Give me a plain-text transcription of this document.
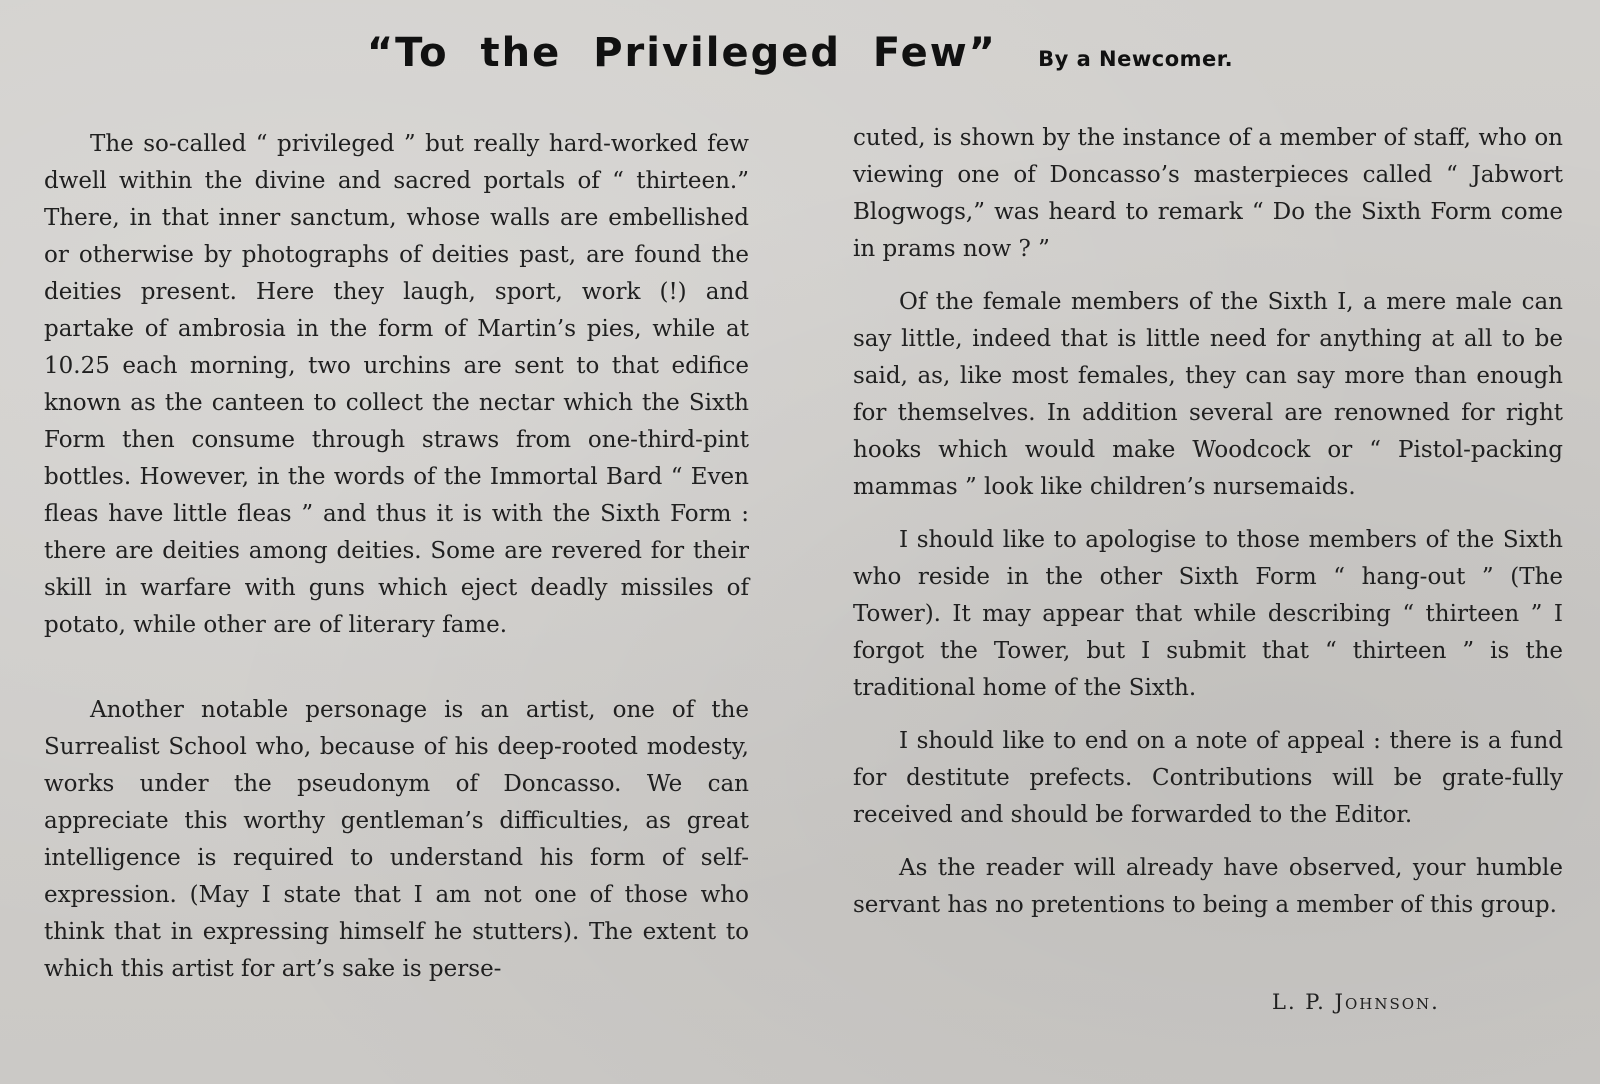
“To the Privileged Few” By a Newcomer.

The so-called “ privileged ” but really hard-worked few dwell within the divine and sacred portals of “ thirteen.” There, in that inner sanctum, whose walls are embellished or otherwise by photographs of deities past, are found the deities present. Here they laugh, sport, work (!) and partake of ambrosia in the form of Martin’s pies, while at 10.25 each morning, two urchins are sent to that edifice known as the canteen to collect the nectar which the Sixth Form then consume through straws from one-third-pint bottles. However, in the words of the Immortal Bard “ Even fleas have little fleas ” and thus it is with the Sixth Form : there are deities among deities. Some are revered for their skill in warfare with guns which eject deadly missiles of potato, while other are of literary fame.

Another notable personage is an artist, one of the Surrealist School who, because of his deep-rooted modesty, works under the pseudonym of Doncasso. We can appreciate this worthy gentleman’s difficulties, as great intelligence is required to understand his form of self-expression. (May I state that I am not one of those who think that in expressing himself he stutters). The extent to which this artist for art’s sake is perse-

cuted, is shown by the instance of a member of staff, who on viewing one of Doncasso’s masterpieces called “ Jabwort Blogwogs,” was heard to remark “ Do the Sixth Form come in prams now ? ”

Of the female members of the Sixth I, a mere male can say little, indeed that is little need for anything at all to be said, as, like most females, they can say more than enough for themselves. In addition several are renowned for right hooks which would make Woodcock or “ Pistol-packing mammas ” look like children’s nursemaids.

I should like to apologise to those members of the Sixth who reside in the other Sixth Form “ hang-out ” (The Tower). It may appear that while describing “ thirteen ” I forgot the Tower, but I submit that “ thirteen ” is the traditional home of the Sixth.

I should like to end on a note of appeal : there is a fund for destitute prefects. Contributions will be grate-fully received and should be forwarded to the Editor.

As the reader will already have observed, your humble servant has no pretentions to being a member of this group.

L. P. Johnson.
